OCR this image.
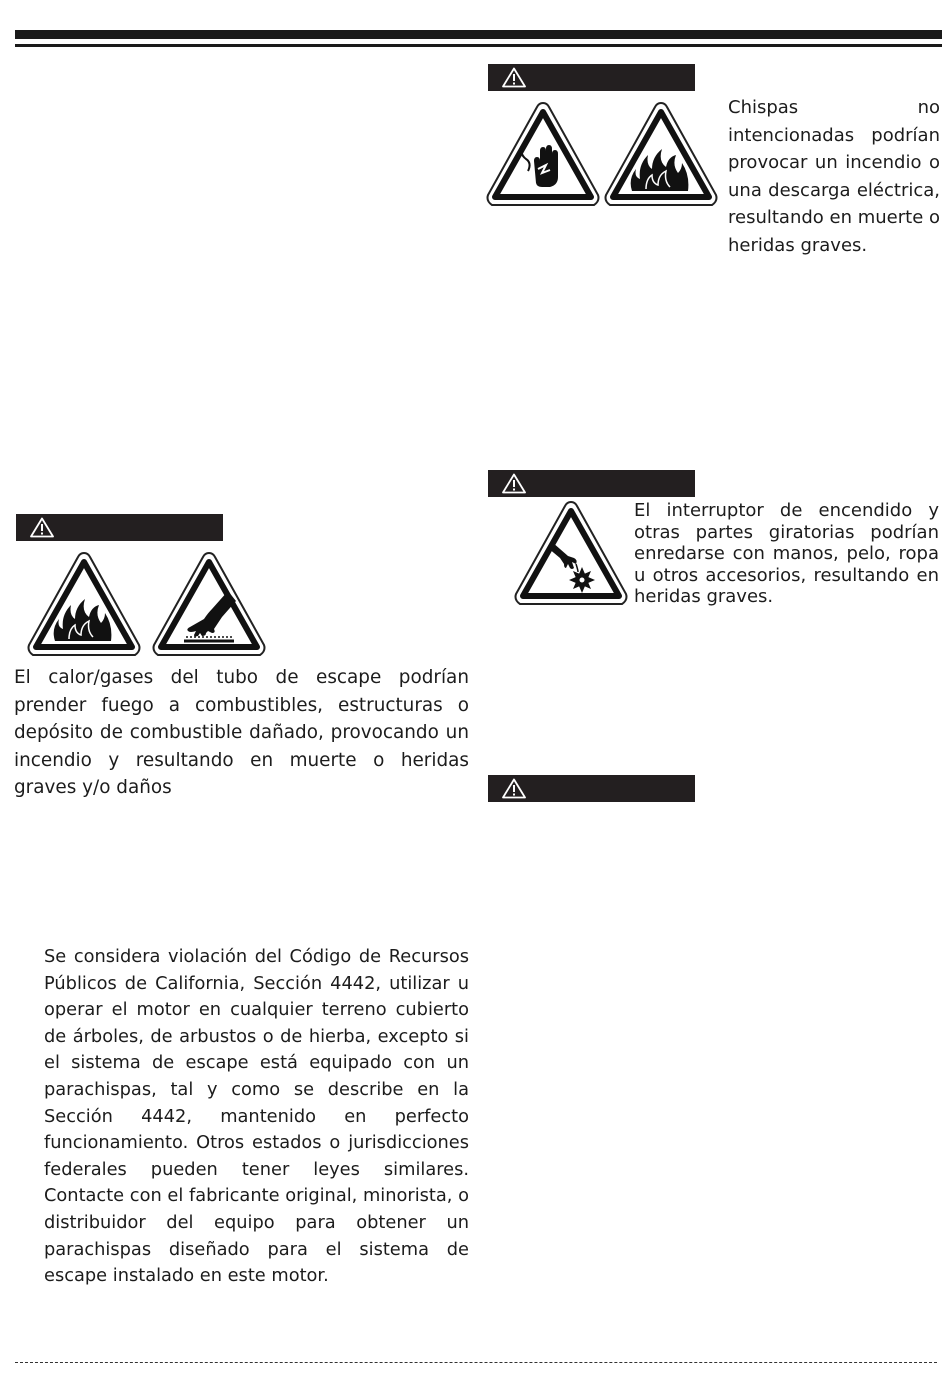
Chispas no intencionadas podrían provocar un incendio o una descarga eléctrica, resultando en muerte o heridas graves.

El calor/gases del tubo de escape podrían prender fuego a combustibles, estructuras o depósito de combustible dañado, provocando un incendio y resultando en muerte o heridas graves y/o daños

El interruptor de encendido y otras partes giratorias podrían enredarse con manos, pelo, ropa u otros accesorios, resultando en heridas graves.

Se considera violación del Código de Recursos Públicos de California, Sección 4442, utilizar u operar el motor en cualquier terreno cubierto de árboles, de arbustos o de hierba, excepto si el sistema de escape está equipado con un parachispas, tal y como se describe en la Sección 4442, mantenido en perfecto funcionamiento. Otros estados o jurisdicciones federales pueden tener leyes similares. Contacte con el fabricante original, minorista, o distribuidor del equipo para obtener un parachispas diseñado para el sistema de escape instalado en este motor.
